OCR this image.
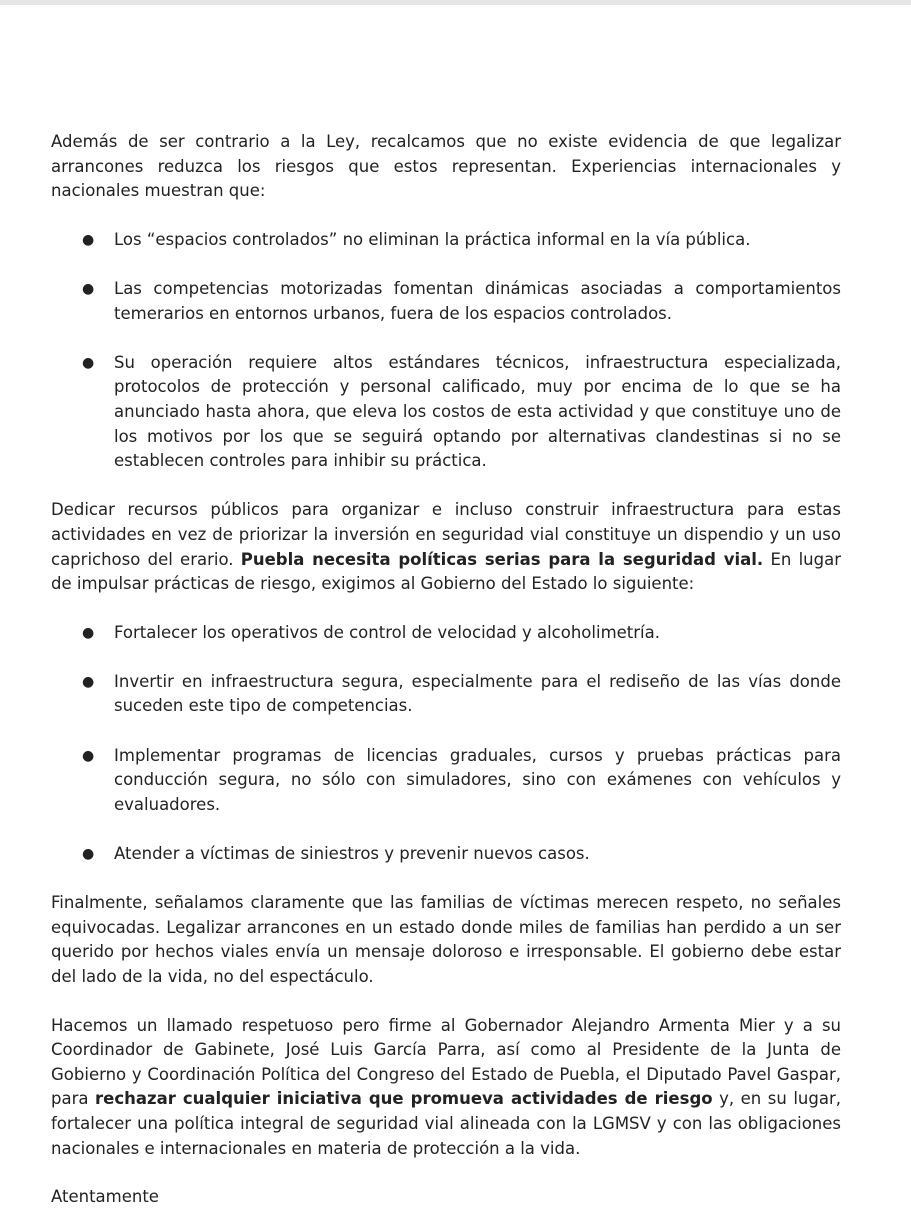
Además de ser contrario a la Ley, recalcamos que no existe evidencia de que legalizar arrancones reduzca los riesgos que estos representan. Experiencias internacionales y nacionales muestran que:

● Los “espacios controlados” no eliminan la práctica informal en la vía pública.
● Las competencias motorizadas fomentan dinámicas asociadas a comportamientos temerarios en entornos urbanos, fuera de los espacios controlados.
● Su operación requiere altos estándares técnicos, infraestructura especializada, protocolos de protección y personal calificado, muy por encima de lo que se ha anunciado hasta ahora, que eleva los costos de esta actividad y que constituye uno de los motivos por los que se seguirá optando por alternativas clandestinas si no se establecen controles para inhibir su práctica.

Dedicar recursos públicos para organizar e incluso construir infraestructura para estas actividades en vez de priorizar la inversión en seguridad vial constituye un dispendio y un uso caprichoso del erario. Puebla necesita políticas serias para la seguridad vial. En lugar de impulsar prácticas de riesgo, exigimos al Gobierno del Estado lo siguiente:

● Fortalecer los operativos de control de velocidad y alcoholimetría.
● Invertir en infraestructura segura, especialmente para el rediseño de las vías donde suceden este tipo de competencias.
● Implementar programas de licencias graduales, cursos y pruebas prácticas para conducción segura, no sólo con simuladores, sino con exámenes con vehículos y evaluadores.
● Atender a víctimas de siniestros y prevenir nuevos casos.

Finalmente, señalamos claramente que las familias de víctimas merecen respeto, no señales equivocadas. Legalizar arrancones en un estado donde miles de familias han perdido a un ser querido por hechos viales envía un mensaje doloroso e irresponsable. El gobierno debe estar del lado de la vida, no del espectáculo.

Hacemos un llamado respetuoso pero firme al Gobernador Alejandro Armenta Mier y a su Coordinador de Gabinete, José Luis García Parra, así como al Presidente de la Junta de Gobierno y Coordinación Política del Congreso del Estado de Puebla, el Diputado Pavel Gaspar, para rechazar cualquier iniciativa que promueva actividades de riesgo y, en su lugar, fortalecer una política integral de seguridad vial alineada con la LGMSV y con las obligaciones nacionales e internacionales en materia de protección a la vida.

Atentamente
